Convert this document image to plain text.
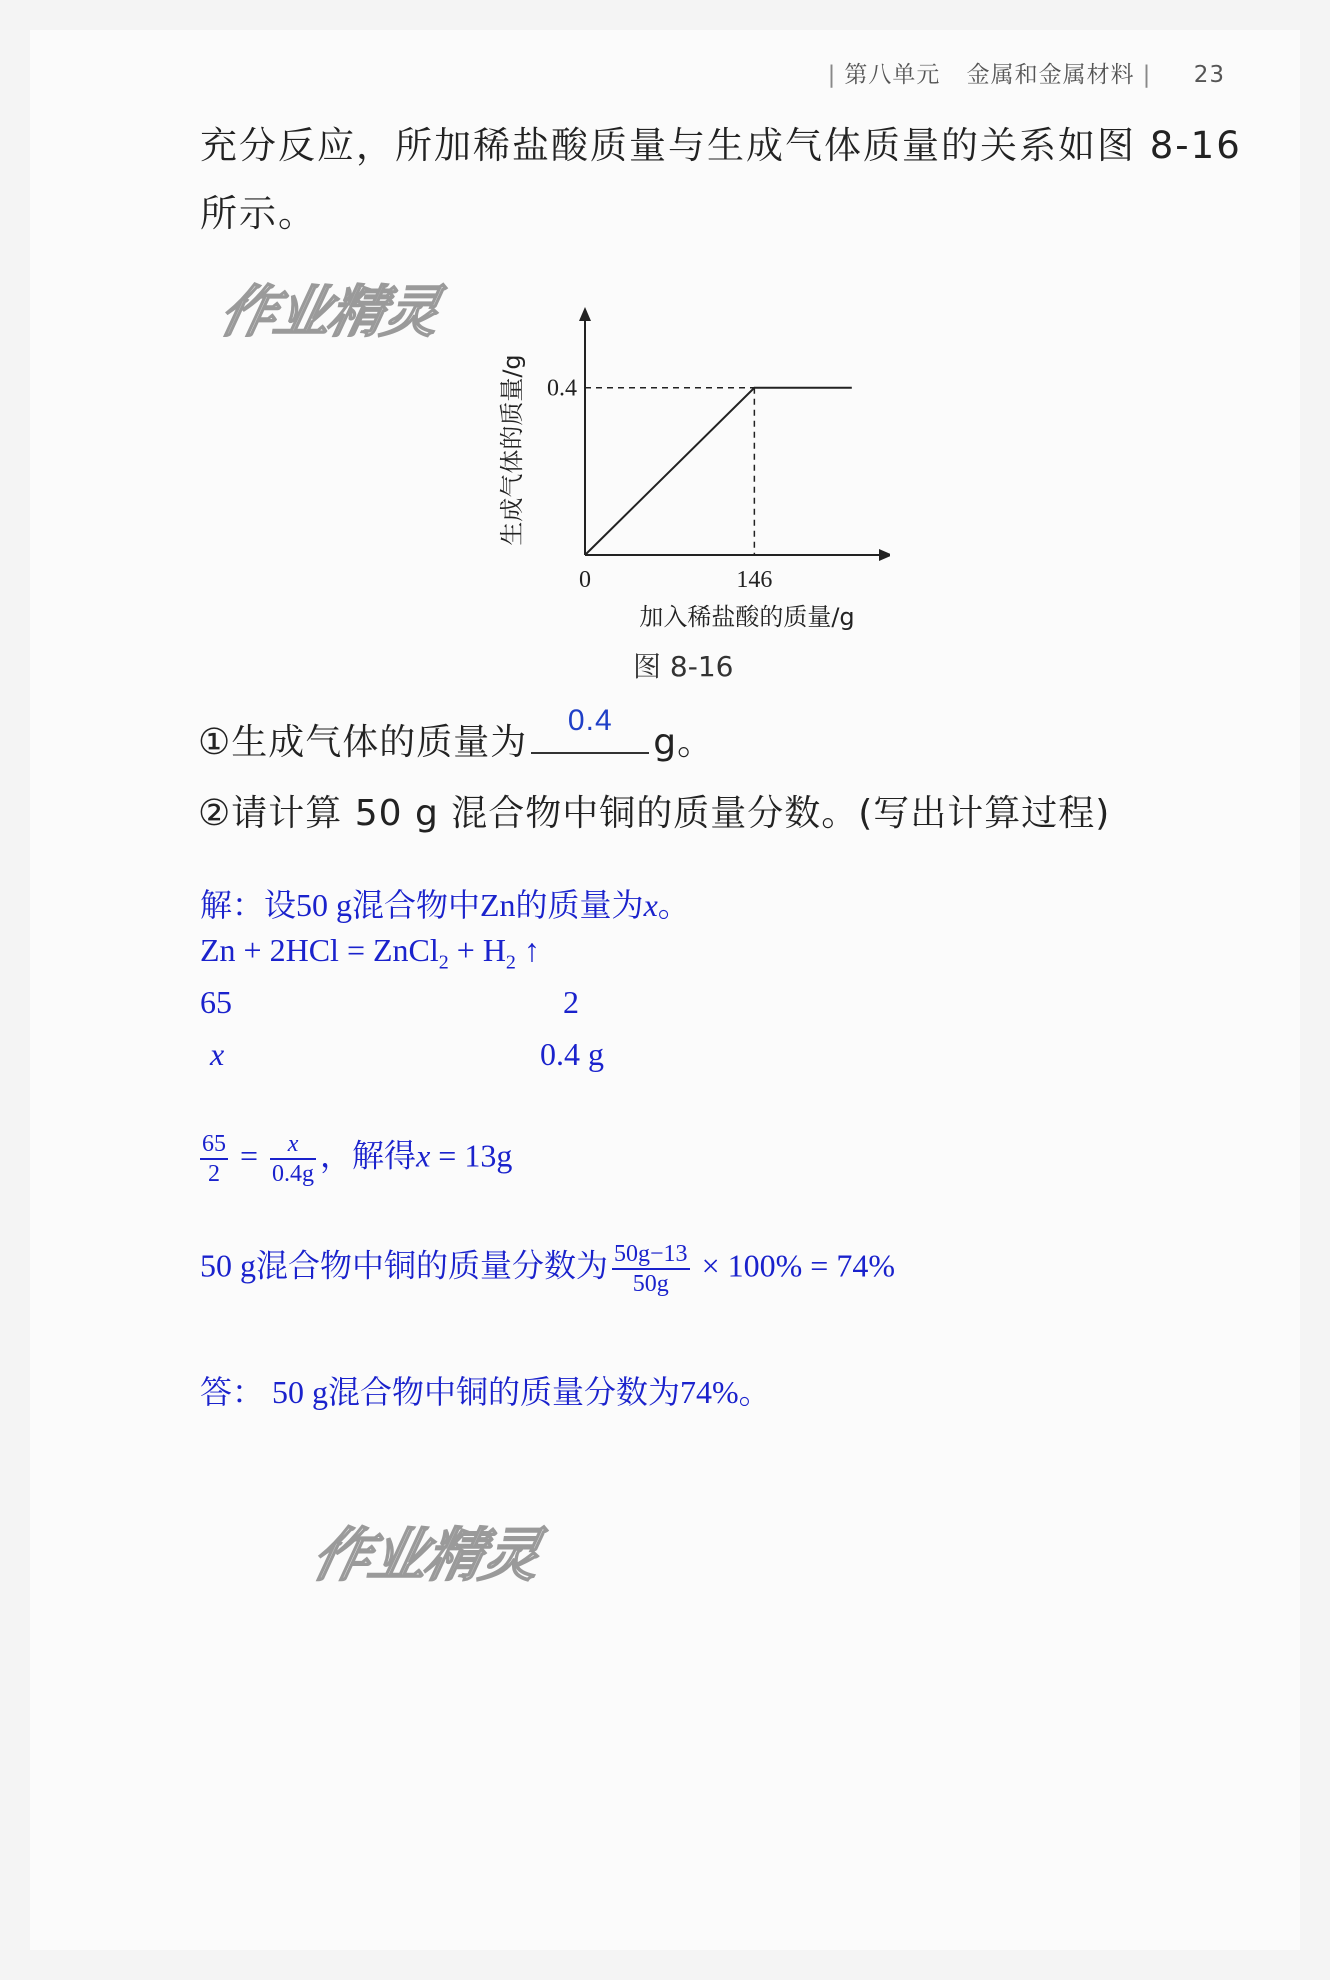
| 第八单元 金属和金属材料 | 23
充分反应，所加稀盐酸质量与生成气体质量的关系如图 8-16
所示。
作业精灵
作业精灵
0	146
0.4
加入稀盐酸的质量/g
生成气体的质量/g
图 8-16
①生成气体的质量为
0.4
g。
②请计算 50 g 混合物中铜的质量分数。(写出计算过程)
解：设50 g混合物中Zn的质量为x。
Zn + 2HCl = ZnCl$_2$ + $H_2$ ↑
65	2
x	0.4 g
$\frac{65}{2} = \frac{x}{0.4g}$ ，解得x = 13g
50 g混合物中铜的质量分数为 $\frac{50g-13}{50g} \times 100\% = 74\%$
答： 50 g混合物中铜的质量分数为74%。
